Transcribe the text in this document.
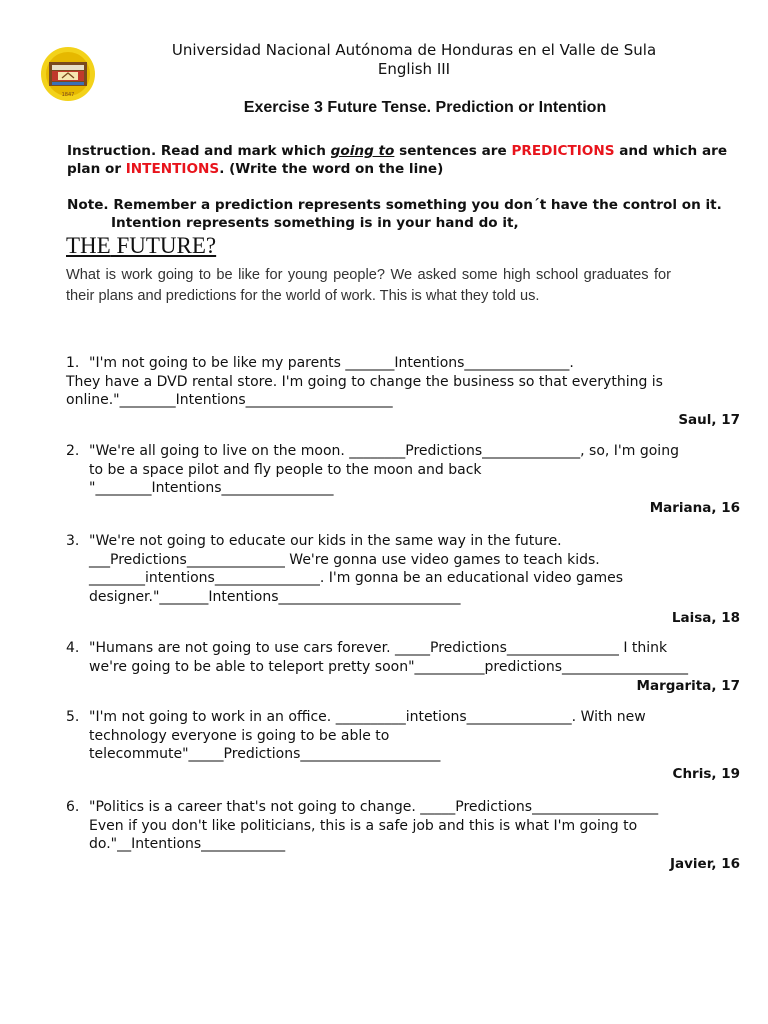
1847
Universidad Nacional Autónoma de Honduras en el Valle de Sula
English III
Exercise 3 Future Tense. Prediction or Intention
Instruction. Read and mark which going to sentences are PREDICTIONS and which are plan or INTENTIONS. (Write the word on the line)
Note. Remember a prediction represents something you don´t have the control on it.
Intention represents something is in your hand do it,
THE FUTURE?
What is work going to be like for young people? We asked some high school graduates for their plans and predictions for the world of work. This is what they told us.
1. "I'm not going to be like my parents _______Intentions_______________.
They have a DVD rental store. I'm going to change the business so that everything is
online."________Intentions_____________________
Saul, 17
2. "We're all going to live on the moon. ________Predictions______________, so, I'm going
to be a space pilot and fly people to the moon and back
"________Intentions________________
Mariana, 16
3. "We're not going to educate our kids in the same way in the future.
___Predictions______________ We're gonna use video games to teach kids.
________intentions_______________. I'm gonna be an educational video games
designer."_______Intentions__________________________
Laisa, 18
4. "Humans are not going to use cars forever. _____Predictions________________ I think
we're going to be able to teleport pretty soon"__________predictions__________________
Margarita, 17
5. "I'm not going to work in an office. __________intetions_______________. With new
technology everyone is going to be able to
telecommute"_____Predictions____________________
Chris, 19
6. "Politics is a career that's not going to change. _____Predictions__________________
Even if you don't like politicians, this is a safe job and this is what I'm going to
do."__Intentions____________
Javier, 16
